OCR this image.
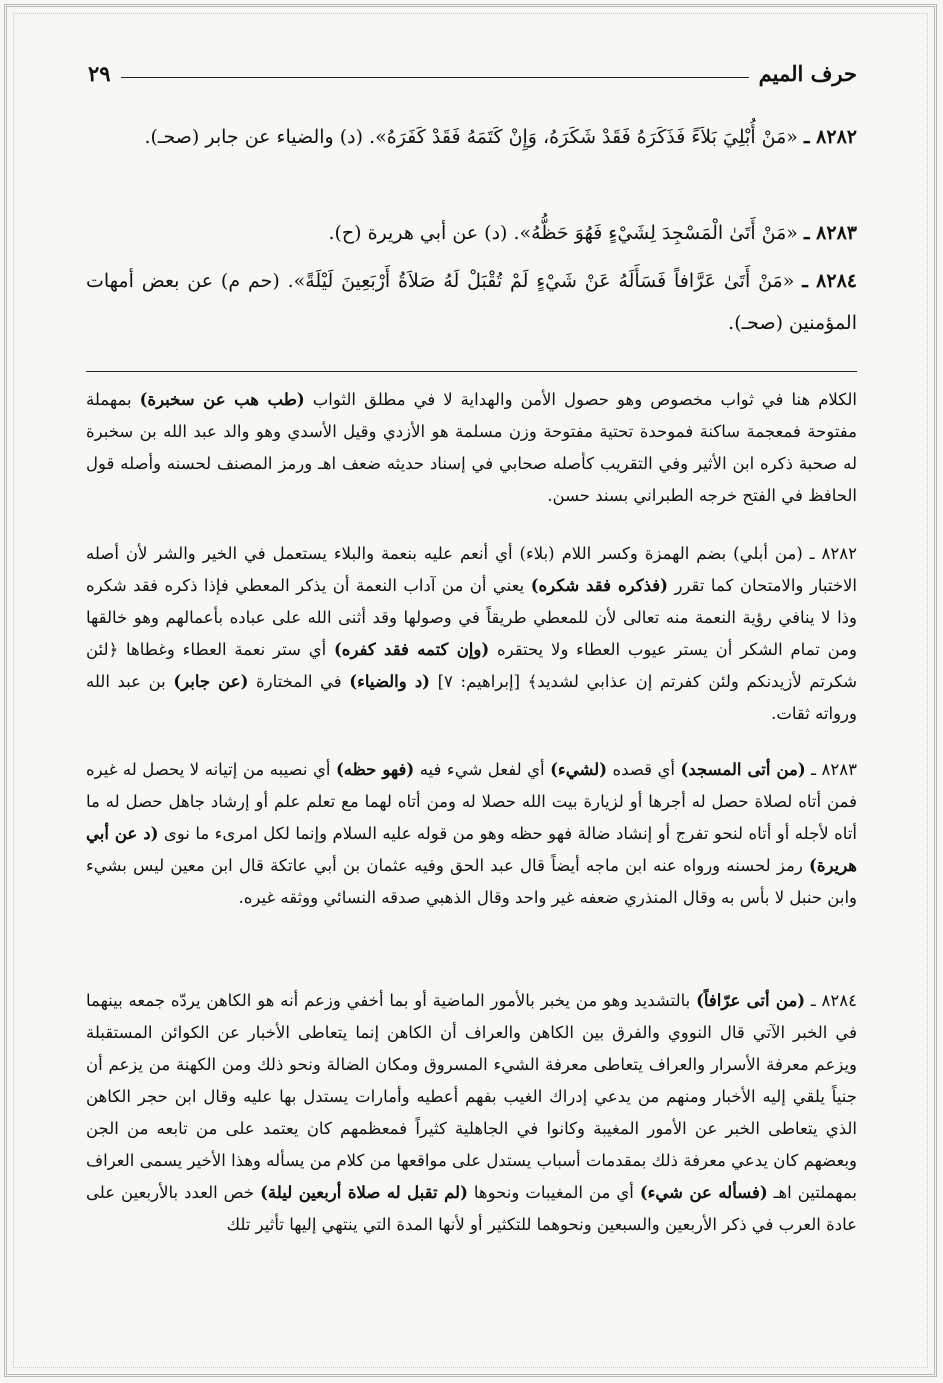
حرف الميم
٢٩
٨٢٨٢ ـ «مَنْ أُبْلِيَ بَلاَءً فَذَكَرَهُ فَقَدْ شَكَرَهُ، وَإِنْ كَتَمَهُ فَقَدْ كَفَرَهُ». (د) والضياء عن جابر (صحـ).
٨٢٨٣ ـ «مَنْ أَتَىٰ الْمَسْجِدَ لِشَيْءٍ فَهُوَ حَظُّهُ». (د) عن أبي هريرة (ح).
٨٢٨٤ ـ «مَنْ أَتَىٰ عَرَّافاً فَسَأَلَهُ عَنْ شَيْءٍ لَمْ تُقْبَلْ لَهُ صَلاَةُ أَرْبَعِينَ لَيْلَةً». (حم م) عن بعض أمهات المؤمنين (صحـ).
الكلام هنا في ثواب مخصوص وهو حصول الأمن والهداية لا في مطلق الثواب (طب هب عن سخبرة) بمهملة مفتوحة فمعجمة ساكنة فموحدة تحتية مفتوحة وزن مسلمة هو الأزدي وقيل الأسدي وهو والد عبد الله بن سخبرة له صحبة ذكره ابن الأثير وفي التقريب كأصله صحابي في إسناد حديثه ضعف اهـ ورمز المصنف لحسنه وأصله قول الحافظ في الفتح خرجه الطبراني بسند حسن.
٨٢٨٢ ـ (من أبلي) بضم الهمزة وكسر اللام (بلاء) أي أنعم عليه بنعمة والبلاء يستعمل في الخير والشر لأن أصله الاختبار والامتحان كما تقرر (فذكره فقد شكره) يعني أن من آداب النعمة أن يذكر المعطي فإذا ذكره فقد شكره وذا لا ينافي رؤية النعمة منه تعالى لأن للمعطي طريقاً في وصولها وقد أثنى الله على عباده بأعمالهم وهو خالقها ومن تمام الشكر أن يستر عيوب العطاء ولا يحتقره (وإن كتمه فقد كفره) أي ستر نعمة العطاء وغطاها ﴿لئن شكرتم لأزيدنكم ولئن كفرتم إن عذابي لشديد﴾ [إبراهيم: ٧] (د والضياء) في المختارة (عن جابر) بن عبد الله ورواته ثقات.
٨٢٨٣ ـ (من أتى المسجد) أي قصده (لشيء) أي لفعل شيء فيه (فهو حظه) أي نصيبه من إتيانه لا يحصل له غيره فمن أتاه لصلاة حصل له أجرها أو لزيارة بيت الله حصلا له ومن أتاه لهما مع تعلم علم أو إرشاد جاهل حصل له ما أتاه لأجله أو أتاه لنحو تفرج أو إنشاد ضالة فهو حظه وهو من قوله عليه السلام وإنما لكل امرىء ما نوى (د عن أبي هريرة) رمز لحسنه ورواه عنه ابن ماجه أيضاً قال عبد الحق وفيه عثمان بن أبي عاتكة قال ابن معين ليس بشيء وابن حنبل لا بأس به وقال المنذري ضعفه غير واحد وقال الذهبي صدقه النسائي ووثقه غيره.
٨٢٨٤ ـ (من أتى عرّافاً) بالتشديد وهو من يخبر بالأمور الماضية أو بما أخفي وزعم أنه هو الكاهن يردّه جمعه بينهما في الخبر الآتي قال النووي والفرق بين الكاهن والعراف أن الكاهن إنما يتعاطى الأخبار عن الكوائن المستقبلة ويزعم معرفة الأسرار والعراف يتعاطى معرفة الشيء المسروق ومكان الضالة ونحو ذلك ومن الكهنة من يزعم أن جنياً يلقي إليه الأخبار ومنهم من يدعي إدراك الغيب بفهم أعطيه وأمارات يستدل بها عليه وقال ابن حجر الكاهن الذي يتعاطى الخبر عن الأمور المغيبة وكانوا في الجاهلية كثيراً فمعظمهم كان يعتمد على من تابعه من الجن وبعضهم كان يدعي معرفة ذلك بمقدمات أسباب يستدل على مواقعها من كلام من يسأله وهذا الأخير يسمى العراف بمهملتين اهـ (فسأله عن شيء) أي من المغيبات ونحوها (لم تقبل له صلاة أربعين ليلة) خص العدد بالأربعين على عادة العرب في ذكر الأربعين والسبعين ونحوهما للتكثير أو لأنها المدة التي ينتهي إليها تأثير تلك
